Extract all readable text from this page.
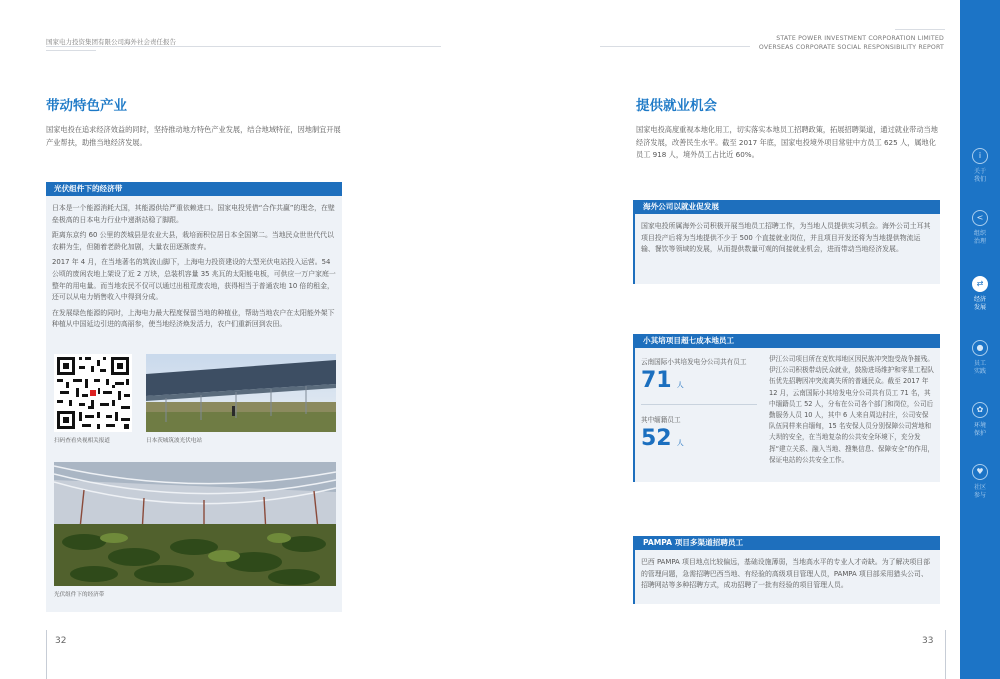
国家电力投资集团有限公司海外社会责任报告	STATE POWER INVESTMENT CORPORATION LIMITED
OVERSEAS CORPORATE SOCIAL RESPONSIBILITY REPORT
带动特色产业
国家电投在追求经济效益的同时，坚持推动地方特色产业发展，结合地域特征，因地制宜开展产业帮扶，助推当地经济发展。
光伏组件下的经济带
日本是一个能源消耗大国，其能源供给严重依赖进口。国家电投凭借“合作共赢”的理念，在壁垒极高的日本电力行业中递渐站稳了脚跟。
距离东京约 60 公里的茨城县是农业大县，栽培面积位居日本全国第二。当地民众世世代代以农耕为生，但随着老龄化加剧，大量农田逐渐废弃。
2017 年 4 月，在当地著名的筑波山脚下，上海电力投资建设的大型光伏电站投入运营。54 公顷的废闲农地上架设了近 2 万块，总装机容量 35 兆瓦的太阳能电板，可供应一万户家庭一整年的用电量。而当地农民不仅可以通过出租荒废农地，获得相当于普通农地 10 倍的租金，还可以从电力销售收入中得到分成。
在发展绿色能源的同时，上海电力最大程度保留当地的种植业，帮助当地农户在太阳能外架下种植从中国延边引进的高丽参，使当地经济焕发活力，农户们重新回到农田。
扫码查看央视相关报道	日本茨城筑波光伏电站
光伏组件下的经济带
32
提供就业机会
国家电投高度重视本地化用工，切实落实本地员工招聘政策，拓展招聘渠道，通过就业带动当地经济发展，改善民生水平。截至 2017 年底，国家电投境外项目常驻中方员工 625 人，属地化员工 918 人，境外员工占比近 60%。
海外公司以就业促发展
国家电投所属海外公司积极开展当地员工招聘工作，为当地人员提供实习机会。海外公司土耳其项目投产后将为当地提供不少于 500 个直接就业岗位，并且项目开发还将为当地提供物流运输、餐饮等领域的发展，从而提供数量可观的间接就业机会，进而带动当地经济发展。
小其培项目超七成本地员工
云南国际小其培发电分公司共有员工
71 人
其中缅籍员工
52 人
伊江公司项目所在克钦邦地区因民族冲突饱受战争摧残。伊江公司积极带动民众就业，鼓励进场维护和零星工程队伍优先招聘因冲突流离失所的普通民众。截至 2017 年 12 月，云南国际小其培发电分公司共有员工 71 名，其中缅籍员工 52 人，分布在公司各个部门和岗位，公司后勤服务人员 10 人，其中 6 人来自周边村庄，公司安保队伍同样来自缅甸，15 名安保人员分别保障公司营地和大坝的安全，在当地复杂的公共安全环境下，充分发挥“建立关系、融入当地、搜集信息、保障安全”的作用，保证电站的公共安全工作。
PAMPA 项目多渠道招聘员工
巴西 PAMPA 项目地点比较偏远，基础设施薄弱，当地高水平的专业人才奇缺。为了解决项目部的管理问题，急需招聘巴西当地、有经验的高级项目管理人员，PAMPA 项目部采用猎头公司、招聘网站等多种招聘方式，成功招聘了一批有经验的项目管理人员。
33
i
关于
我们
<
组织
治理
⇄
经济
发展
●
员工
实践
✿
环境
保护
♥
社区
参与
